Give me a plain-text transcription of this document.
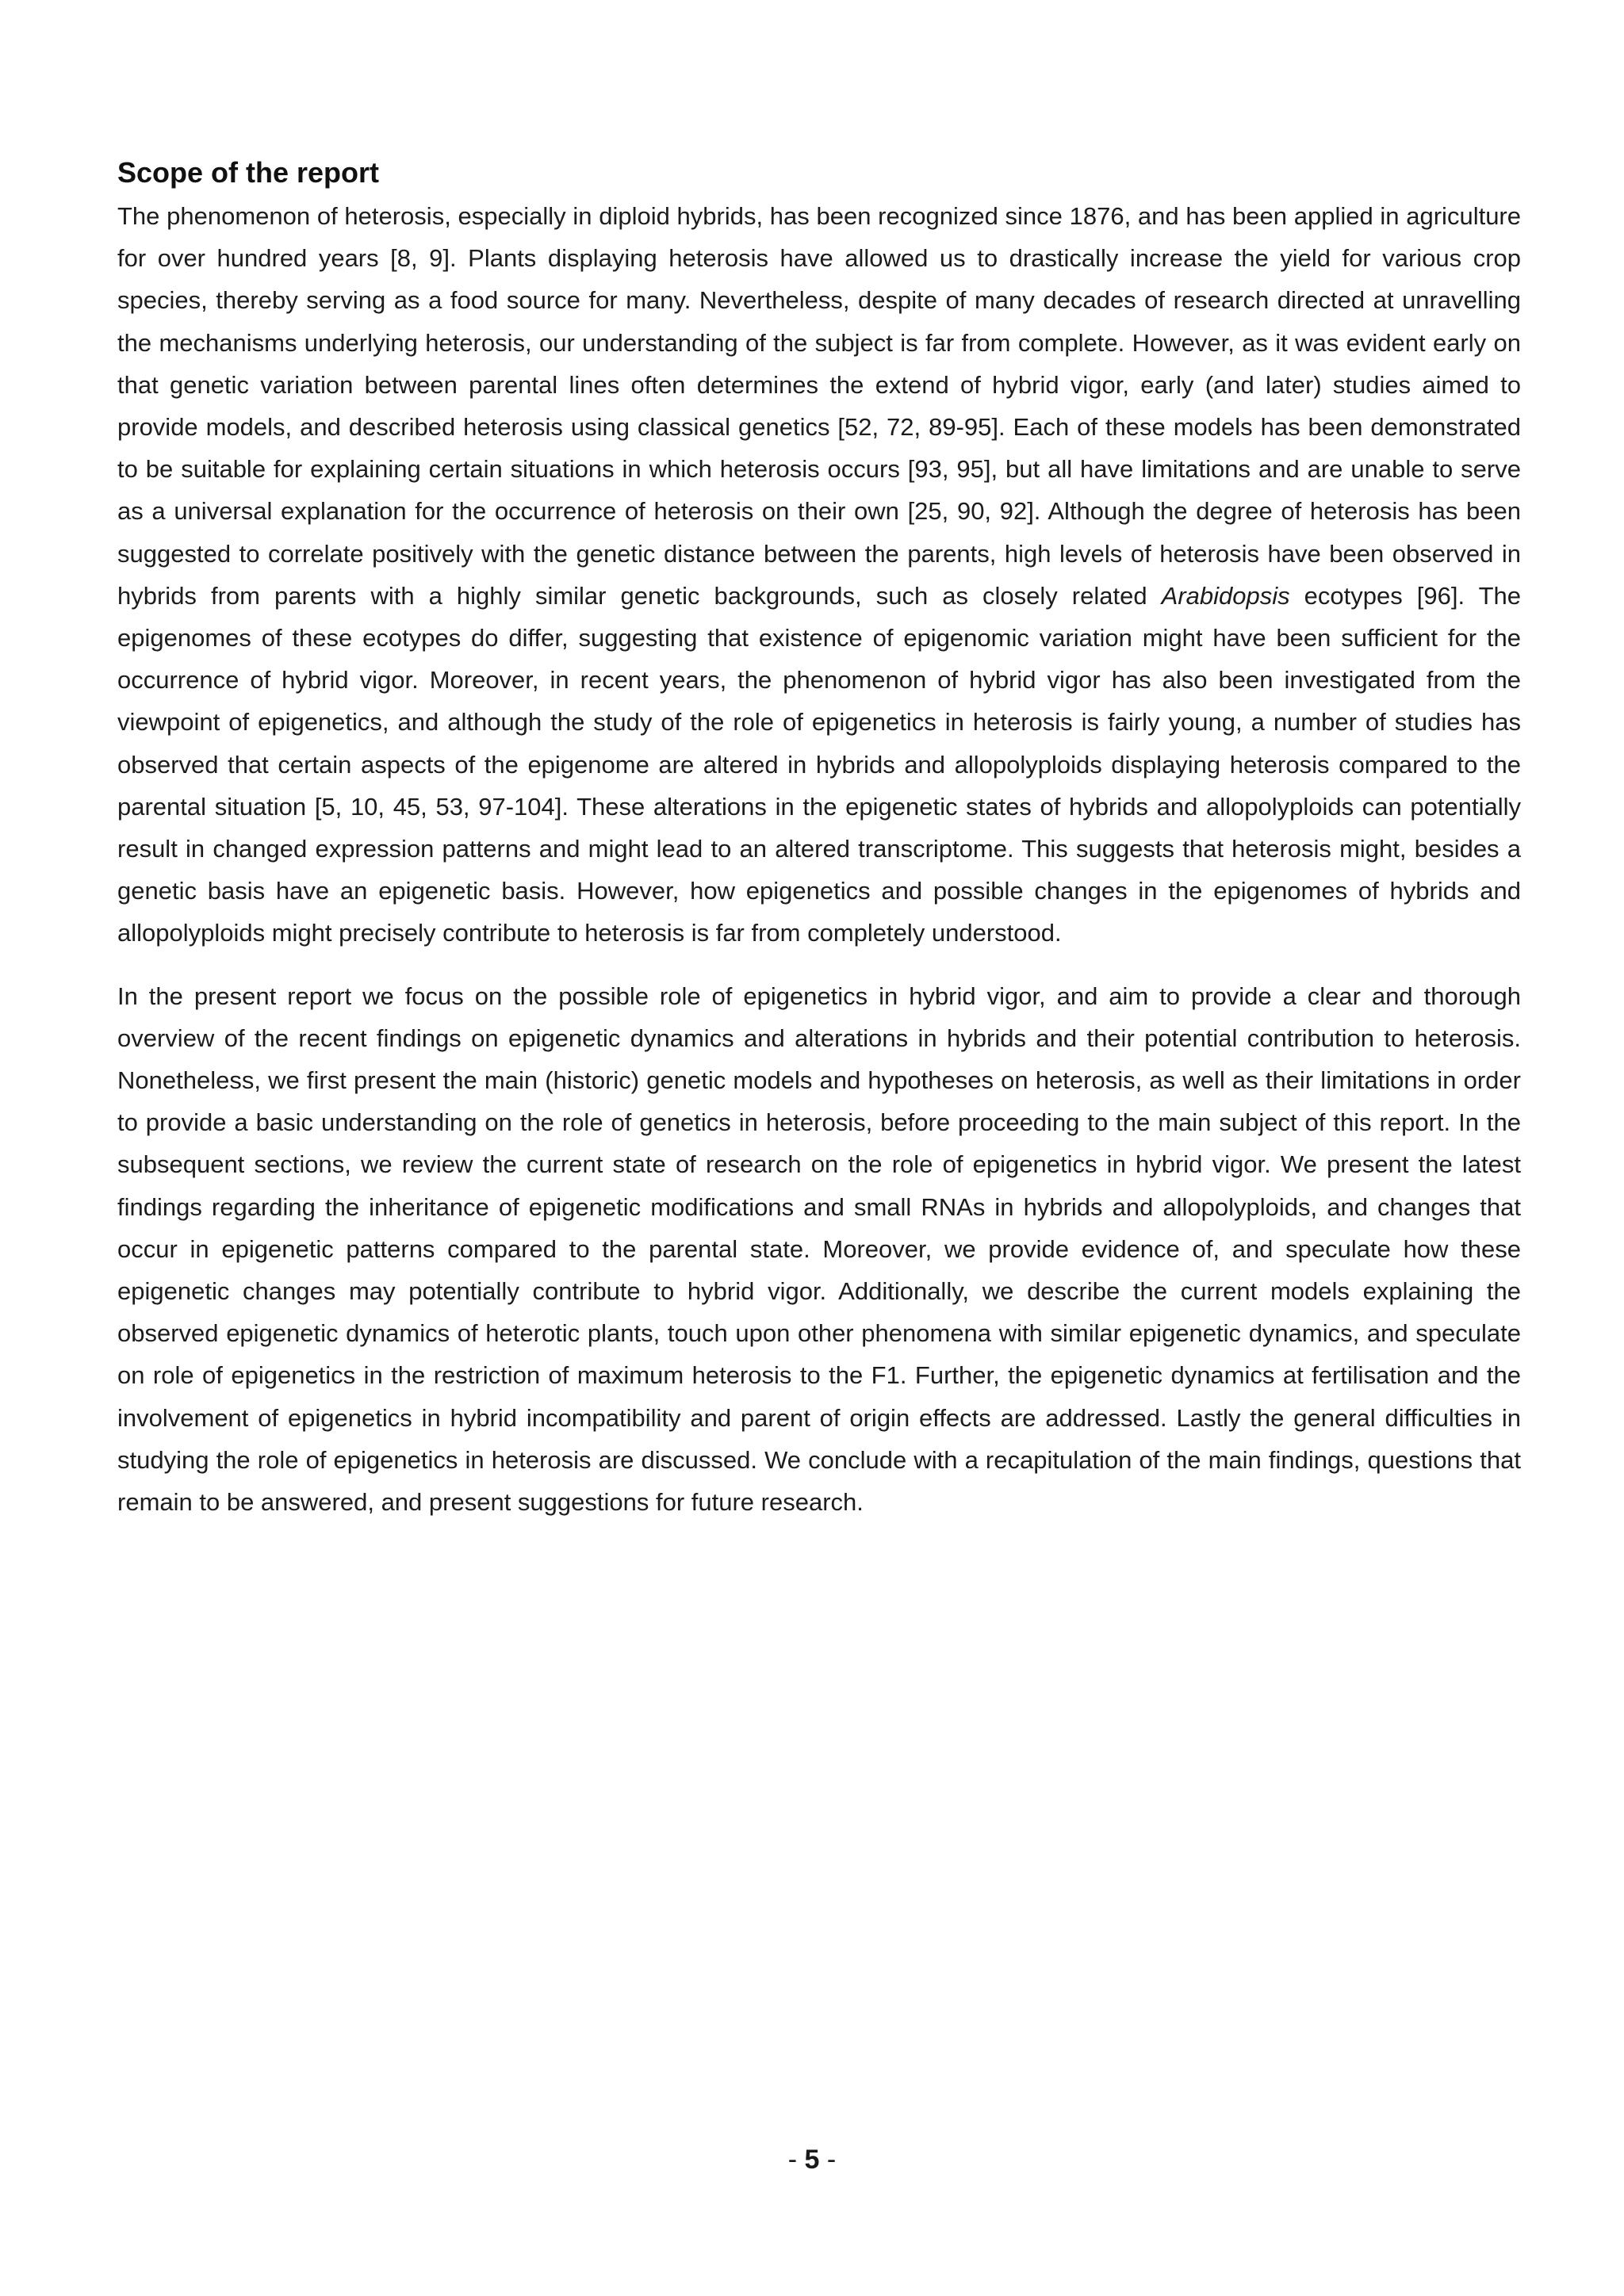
Scope of the report

The phenomenon of heterosis, especially in diploid hybrids, has been recognized since 1876, and has been applied in agriculture for over hundred years [8, 9]. Plants displaying heterosis have allowed us to drastically increase the yield for various crop species, thereby serving as a food source for many. Nevertheless, despite of many decades of research directed at unravelling the mechanisms underlying heterosis, our understanding of the subject is far from complete. However, as it was evident early on that genetic variation between parental lines often determines the extend of hybrid vigor, early (and later) studies aimed to provide models, and described heterosis using classical genetics [52, 72, 89-95]. Each of these models has been demonstrated to be suitable for explaining certain situations in which heterosis occurs [93, 95], but all have limitations and are unable to serve as a universal explanation for the occurrence of heterosis on their own [25, 90, 92]. Although the degree of heterosis has been suggested to correlate positively with the genetic distance between the parents, high levels of heterosis have been observed in hybrids from parents with a highly similar genetic backgrounds, such as closely related Arabidopsis ecotypes [96]. The epigenomes of these ecotypes do differ, suggesting that existence of epigenomic variation might have been sufficient for the occurrence of hybrid vigor. Moreover, in recent years, the phenomenon of hybrid vigor has also been investigated from the viewpoint of epigenetics, and although the study of the role of epigenetics in heterosis is fairly young, a number of studies has observed that certain aspects of the epigenome are altered in hybrids and allopolyploids displaying heterosis compared to the parental situation [5, 10, 45, 53, 97-104]. These alterations in the epigenetic states of hybrids and allopolyploids can potentially result in changed expression patterns and might lead to an altered transcriptome. This suggests that heterosis might, besides a genetic basis have an epigenetic basis. However, how epigenetics and possible changes in the epigenomes of hybrids and allopolyploids might precisely contribute to heterosis is far from completely understood.

In the present report we focus on the possible role of epigenetics in hybrid vigor, and aim to provide a clear and thorough overview of the recent findings on epigenetic dynamics and alterations in hybrids and their potential contribution to heterosis. Nonetheless, we first present the main (historic) genetic models and hypotheses on heterosis, as well as their limitations in order to provide a basic understanding on the role of genetics in heterosis, before proceeding to the main subject of this report. In the subsequent sections, we review the current state of research on the role of epigenetics in hybrid vigor. We present the latest findings regarding the inheritance of epigenetic modifications and small RNAs in hybrids and allopolyploids, and changes that occur in epigenetic patterns compared to the parental state. Moreover, we provide evidence of, and speculate how these epigenetic changes may potentially contribute to hybrid vigor. Additionally, we describe the current models explaining the observed epigenetic dynamics of heterotic plants, touch upon other phenomena with similar epigenetic dynamics, and speculate on role of epigenetics in the restriction of maximum heterosis to the F1. Further, the epigenetic dynamics at fertilisation and the involvement of epigenetics in hybrid incompatibility and parent of origin effects are addressed. Lastly the general difficulties in studying the role of epigenetics in heterosis are discussed. We conclude with a recapitulation of the main findings, questions that remain to be answered, and present suggestions for future research.

- 5 -
